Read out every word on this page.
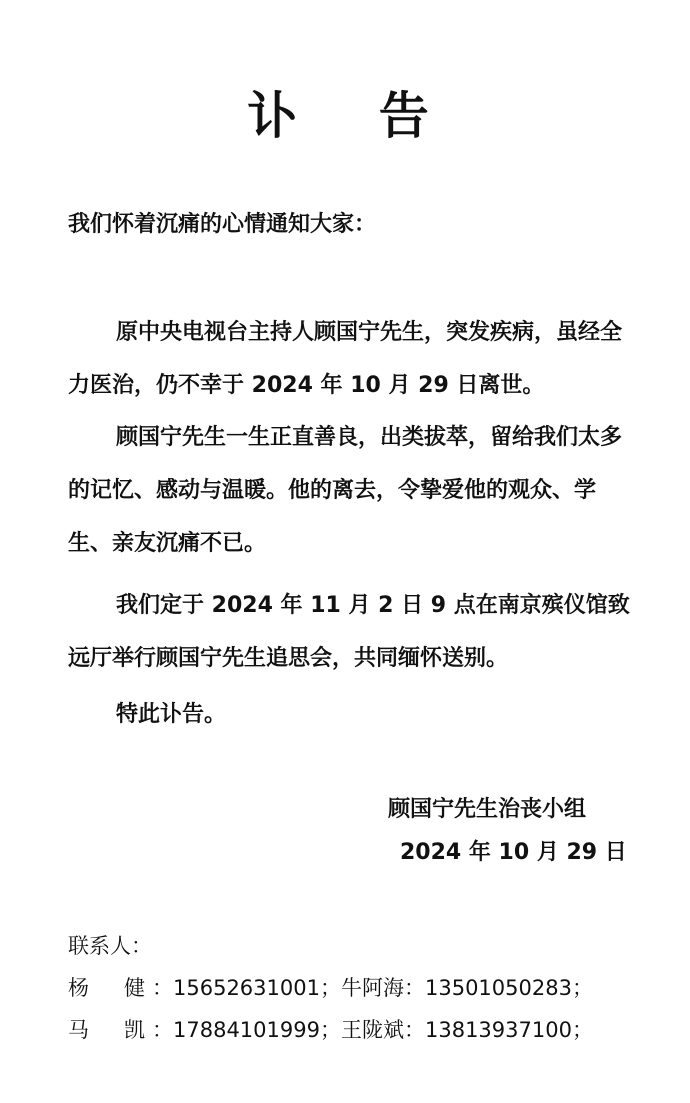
讣 告
我们怀着沉痛的心情通知大家：
原中央电视台主持人顾国宁先生，突发疾病，虽经全力医治，仍不幸于 2024 年 10 月 29 日离世。
顾国宁先生一生正直善良，出类拔萃，留给我们太多的记忆、感动与温暖。他的离去，令挚爱他的观众、学生、亲友沉痛不已。
我们定于 2024 年 11 月 2 日 9 点在南京殡仪馆致远厅举行顾国宁先生追思会，共同缅怀送别。
特此讣告。
顾国宁先生治丧小组
2024 年 10 月 29 日
联系人：
杨 健 ：15652631001；牛阿海：13501050283；
马 凯 ：17884101999；王陇斌：13813937100；
